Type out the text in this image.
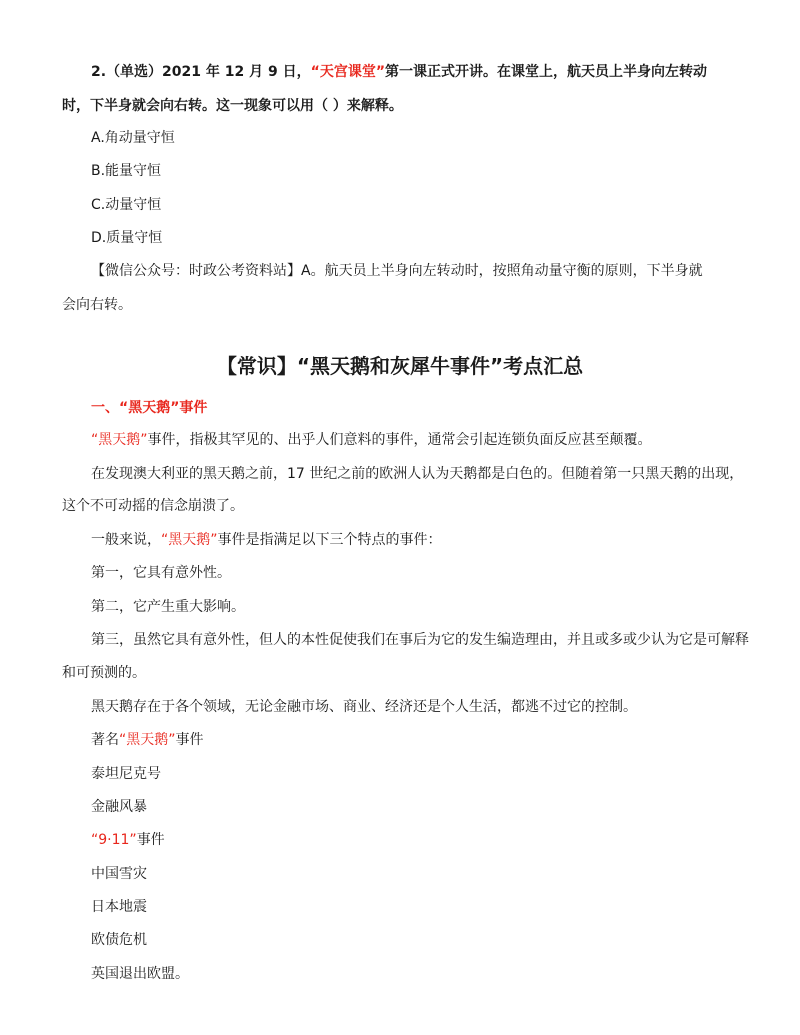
2.（单选）2021 年 12 月 9 日，“天宫课堂”第一课正式开讲。在课堂上，航天员上半身向左转动
时，下半身就会向右转。这一现象可以用（ ）来解释。
A.角动量守恒
B.能量守恒
C.动量守恒
D.质量守恒
【微信公众号：时政公考资料站】A。航天员上半身向左转动时，按照角动量守衡的原则，下半身就
会向右转。
【常识】“黑天鹅和灰犀牛事件”考点汇总
一、“黑天鹅”事件
“黑天鹅”事件，指极其罕见的、出乎人们意料的事件，通常会引起连锁负面反应甚至颠覆。
在发现澳大利亚的黑天鹅之前，17 世纪之前的欧洲人认为天鹅都是白色的。但随着第一只黑天鹅的出现，
这个不可动摇的信念崩溃了。
一般来说，“黑天鹅”事件是指满足以下三个特点的事件：
第一，它具有意外性。
第二，它产生重大影响。
第三，虽然它具有意外性，但人的本性促使我们在事后为它的发生编造理由，并且或多或少认为它是可解释
和可预测的。
黑天鹅存在于各个领域，无论金融市场、商业、经济还是个人生活，都逃不过它的控制。
著名“黑天鹅”事件
泰坦尼克号
金融风暴
“9·11”事件
中国雪灾
日本地震
欧债危机
英国退出欧盟。
